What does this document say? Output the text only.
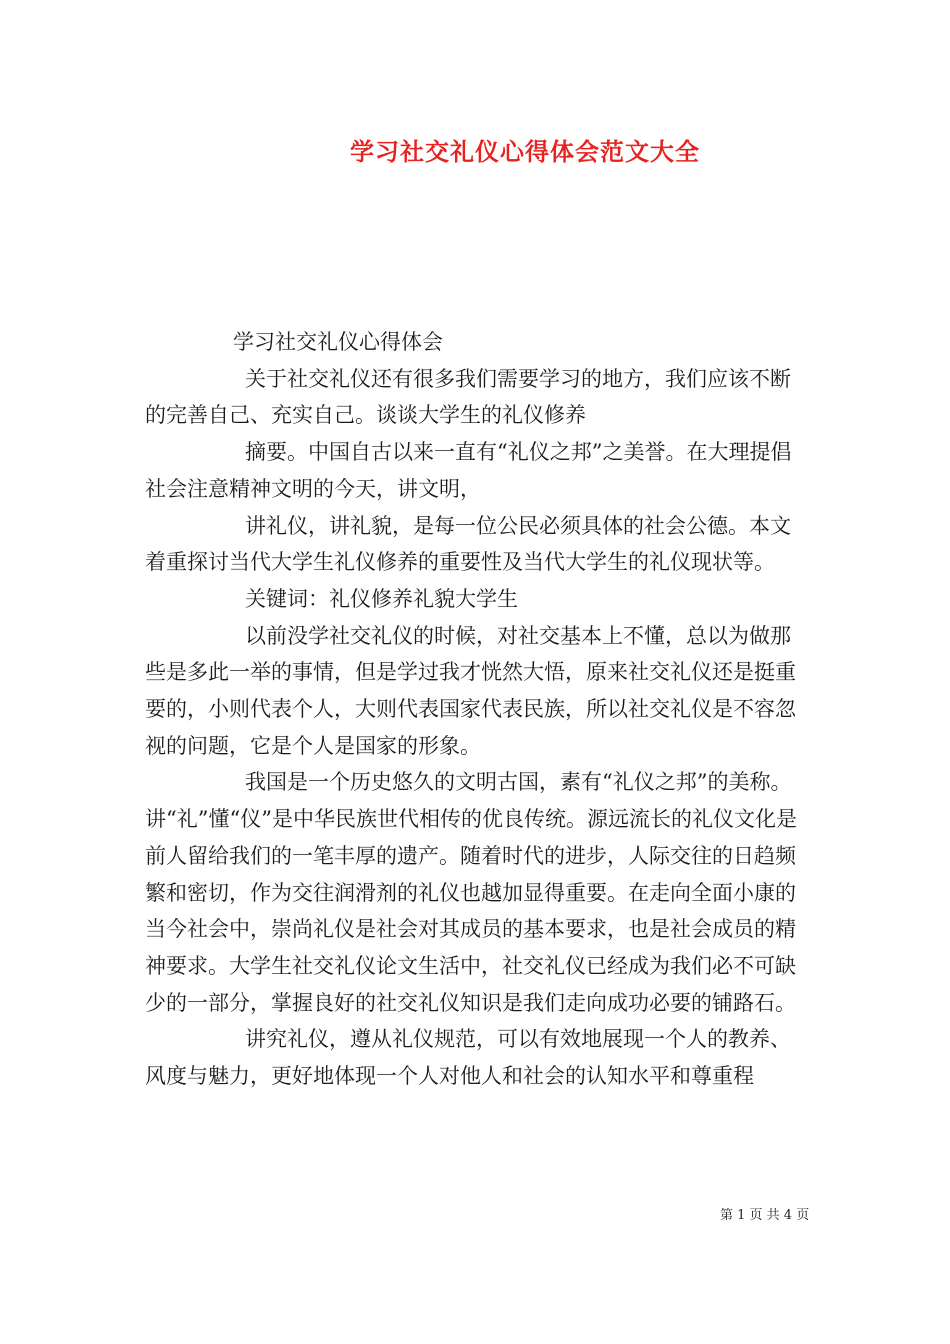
学习社交礼仪心得体会范文大全

学习社交礼仪心得体会

关于社交礼仪还有很多我们需要学习的地方，我们应该不断的完善自己、充实自己。谈谈大学生的礼仪修养

摘要。中国自古以来一直有“礼仪之邦”之美誉。在大理提倡社会注意精神文明的今天，讲文明，

讲礼仪，讲礼貌，是每一位公民必须具体的社会公德。本文着重探讨当代大学生礼仪修养的重要性及当代大学生的礼仪现状等。

关键词：礼仪修养礼貌大学生

以前没学社交礼仪的时候，对社交基本上不懂，总以为做那些是多此一举的事情，但是学过我才恍然大悟，原来社交礼仪还是挺重要的，小则代表个人，大则代表国家代表民族，所以社交礼仪是不容忽视的问题，它是个人是国家的形象。

我国是一个历史悠久的文明古国，素有“礼仪之邦”的美称。讲“礼”懂“仪”是中华民族世代相传的优良传统。源远流长的礼仪文化是前人留给我们的一笔丰厚的遗产。随着时代的进步，人际交往的日趋频繁和密切，作为交往润滑剂的礼仪也越加显得重要。在走向全面小康的当今社会中，崇尚礼仪是社会对其成员的基本要求，也是社会成员的精神要求。大学生社交礼仪论文生活中，社交礼仪已经成为我们必不可缺少的一部分，掌握良好的社交礼仪知识是我们走向成功必要的铺路石。

讲究礼仪，遵从礼仪规范，可以有效地展现一个人的教养、风度与魅力，更好地体现一个人对他人和社会的认知水平和尊重程

第 1 页 共 4 页
